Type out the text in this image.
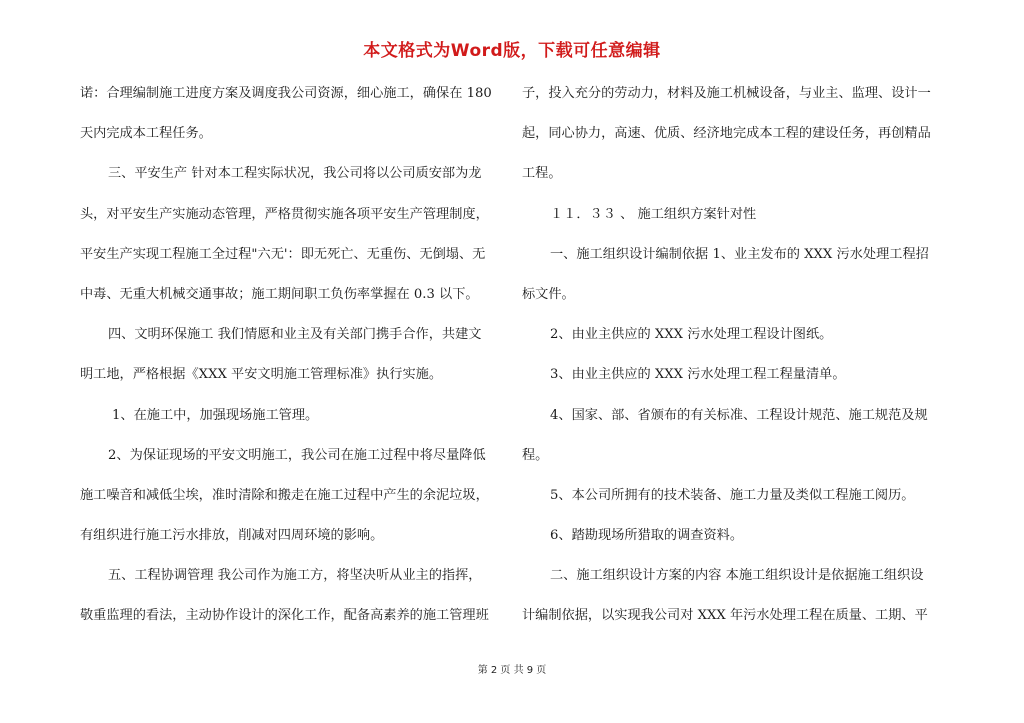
本文格式为Word版，下载可任意编辑
诺：合理编制施工进度方案及调度我公司资源，细心施工，确保在 180
天内完成本工程任务。
三、平安生产 针对本工程实际状况，我公司将以公司质安部为龙
头，对平安生产实施动态管理，严格贯彻实施各项平安生产管理制度，
平安生产实现工程施工全过程"六无'：即无死亡、无重伤、无倒塌、无
中毒、无重大机械交通事故；施工期间职工负伤率掌握在 0.3 以下。
四、文明环保施工 我们情愿和业主及有关部门携手合作，共建文
明工地，严格根据《XXX 平安文明施工管理标准》执行实施。
1、在施工中，加强现场施工管理。
2、为保证现场的平安文明施工，我公司在施工过程中将尽量降低
施工噪音和减低尘埃，准时清除和搬走在施工过程中产生的余泥垃圾，
有组织进行施工污水排放，削减对四周环境的影响。
五、工程协调管理 我公司作为施工方，将坚决听从业主的指挥，
敬重监理的看法，主动协作设计的深化工作，配备高素养的施工管理班
子，投入充分的劳动力，材料及施工机械设备，与业主、监理、设计一
起，同心协力，高速、优质、经济地完成本工程的建设任务，再创精品
工程。
１１．３３ 、 施工组织方案针对性
一、施工组织设计编制依据 1、业主发布的 XXX 污水处理工程招
标文件。
2、由业主供应的 XXX 污水处理工程设计图纸。
3、由业主供应的 XXX 污水处理工程工程量清单。
4、国家、部、省颁布的有关标准、工程设计规范、施工规范及规
程。
5、本公司所拥有的技术装备、施工力量及类似工程施工阅历。
6、踏勘现场所猎取的调查资料。
二、施工组织设计方案的内容 本施工组织设计是依据施工组织设
计编制依据，以实现我公司对 XXX 年污水处理工程在质量、工期、平
第 2 页 共 9 页
